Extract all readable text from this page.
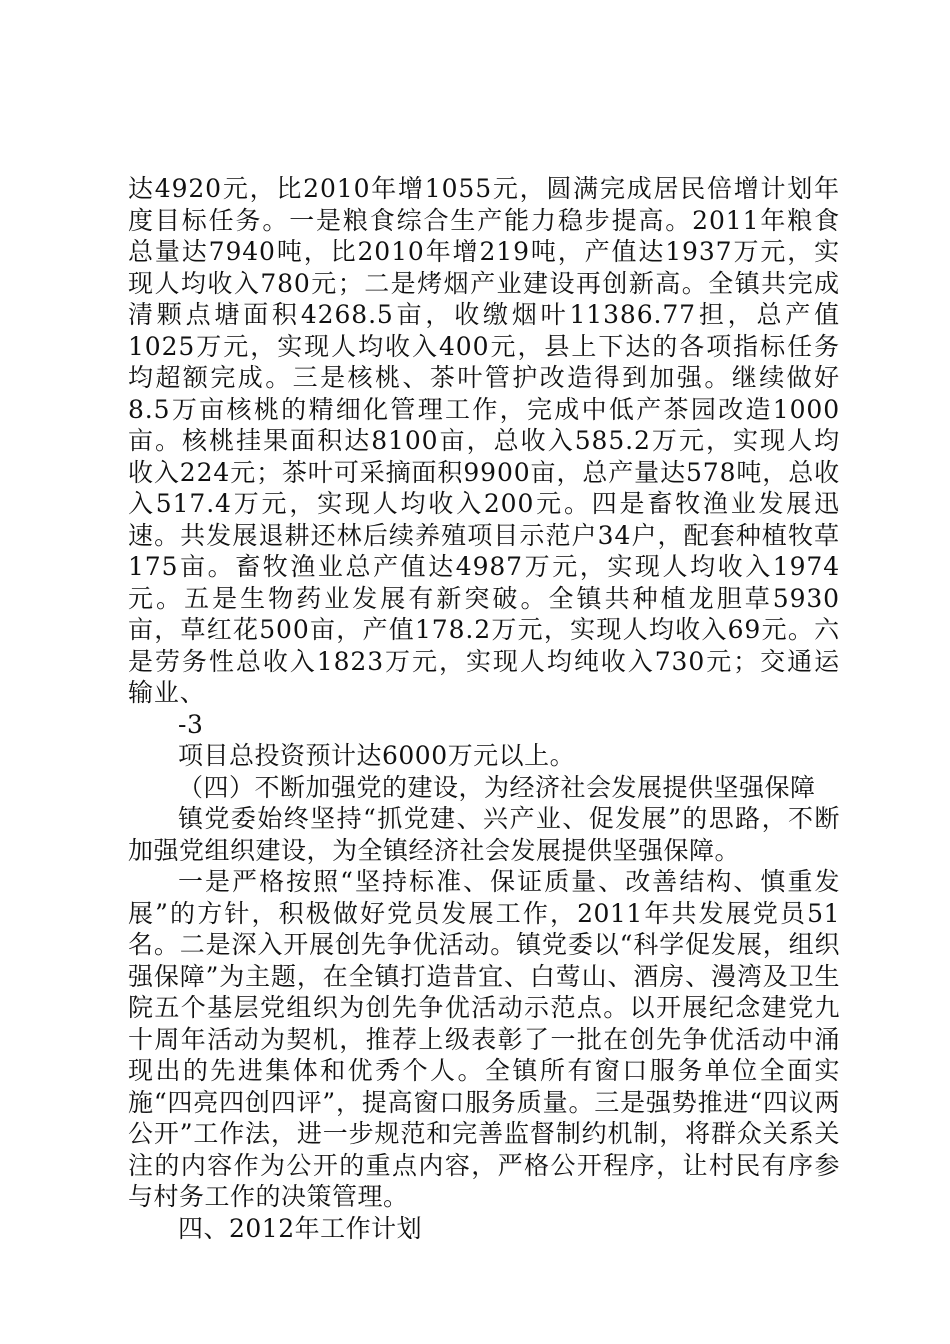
达4920元，比2010年增1055元，圆满完成居民倍增计划年度目标任务。一是粮食综合生产能力稳步提高。2011年粮食总量达7940吨，比2010年增219吨，产值达1937万元，实现人均收入780元；二是烤烟产业建设再创新高。全镇共完成清颗点塘面积4268.5亩，收缴烟叶11386.77担，总产值1025万元，实现人均收入400元，县上下达的各项指标任务均超额完成。三是核桃、茶叶管护改造得到加强。继续做好8.5万亩核桃的精细化管理工作，完成中低产茶园改造1000亩。核桃挂果面积达8100亩，总收入585.2万元，实现人均收入224元；茶叶可采摘面积9900亩，总产量达578吨，总收入517.4万元，实现人均收入200元。四是畜牧渔业发展迅速。共发展退耕还林后续养殖项目示范户34户，配套种植牧草175亩。畜牧渔业总产值达4987万元，实现人均收入1974元。五是生物药业发展有新突破。全镇共种植龙胆草5930亩，草红花500亩，产值178.2万元，实现人均收入69元。六是劳务性总收入1823万元，实现人均纯收入730元；交通运输业、

-3

项目总投资预计达6000万元以上。

（四）不断加强党的建设，为经济社会发展提供坚强保障

镇党委始终坚持“抓党建、兴产业、促发展”的思路，不断加强党组织建设，为全镇经济社会发展提供坚强保障。

一是严格按照“坚持标准、保证质量、改善结构、慎重发展”的方针，积极做好党员发展工作，2011年共发展党员51名。二是深入开展创先争优活动。镇党委以“科学促发展，组织强保障”为主题，在全镇打造昔宜、白莺山、酒房、漫湾及卫生院五个基层党组织为创先争优活动示范点。以开展纪念建党九十周年活动为契机，推荐上级表彰了一批在创先争优活动中涌现出的先进集体和优秀个人。全镇所有窗口服务单位全面实施“四亮四创四评”，提高窗口服务质量。三是强势推进“四议两公开”工作法，进一步规范和完善监督制约机制，将群众关系关注的内容作为公开的重点内容，严格公开程序，让村民有序参与村务工作的决策管理。

四、2012年工作计划
